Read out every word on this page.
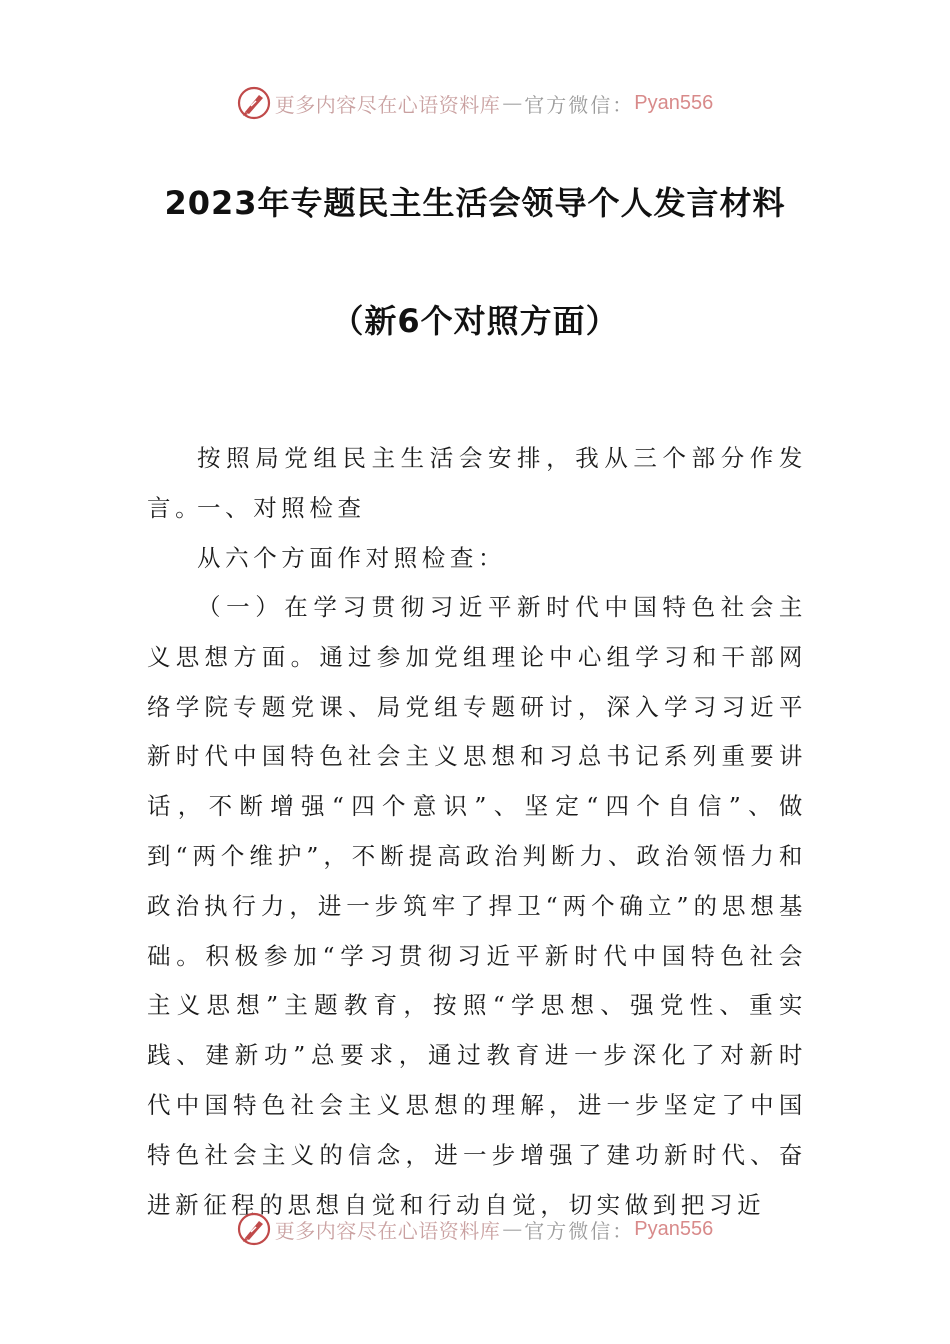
更多内容尽在心语资料库 — 官方微信： Pyan556
2023年专题民主生活会领导个人发言材料
（新6个对照方面）

按照局党组民主生活会安排，我从三个部分作发言。

一、对照检查

从六个方面作对照检查：

（一）在学习贯彻习近平新时代中国特色社会主义思想方面。通过参加党组理论中心组学习和干部网络学院专题党课、局党组专题研讨，深入学习习近平新时代中国特色社会主义思想和习总书记系列重要讲话，不断增强“四个意识”、坚定“四个自信”、做到“两个维护”，不断提高政治判断力、政治领悟力和政治执行力，进一步筑牢了捍卫“两个确立”的思想基础。积极参加“学习贯彻习近平新时代中国特色社会主义思想”主题教育，按照“学思想、强党性、重实践、建新功”总要求，通过教育进一步深化了对新时代中国特色社会主义思想的理解，进一步坚定了中国特色社会主义的信念，进一步增强了建功新时代、奋进新征程的思想自觉和行动自觉，切实做到把习近

更多内容尽在心语资料库 — 官方微信： Pyan556
